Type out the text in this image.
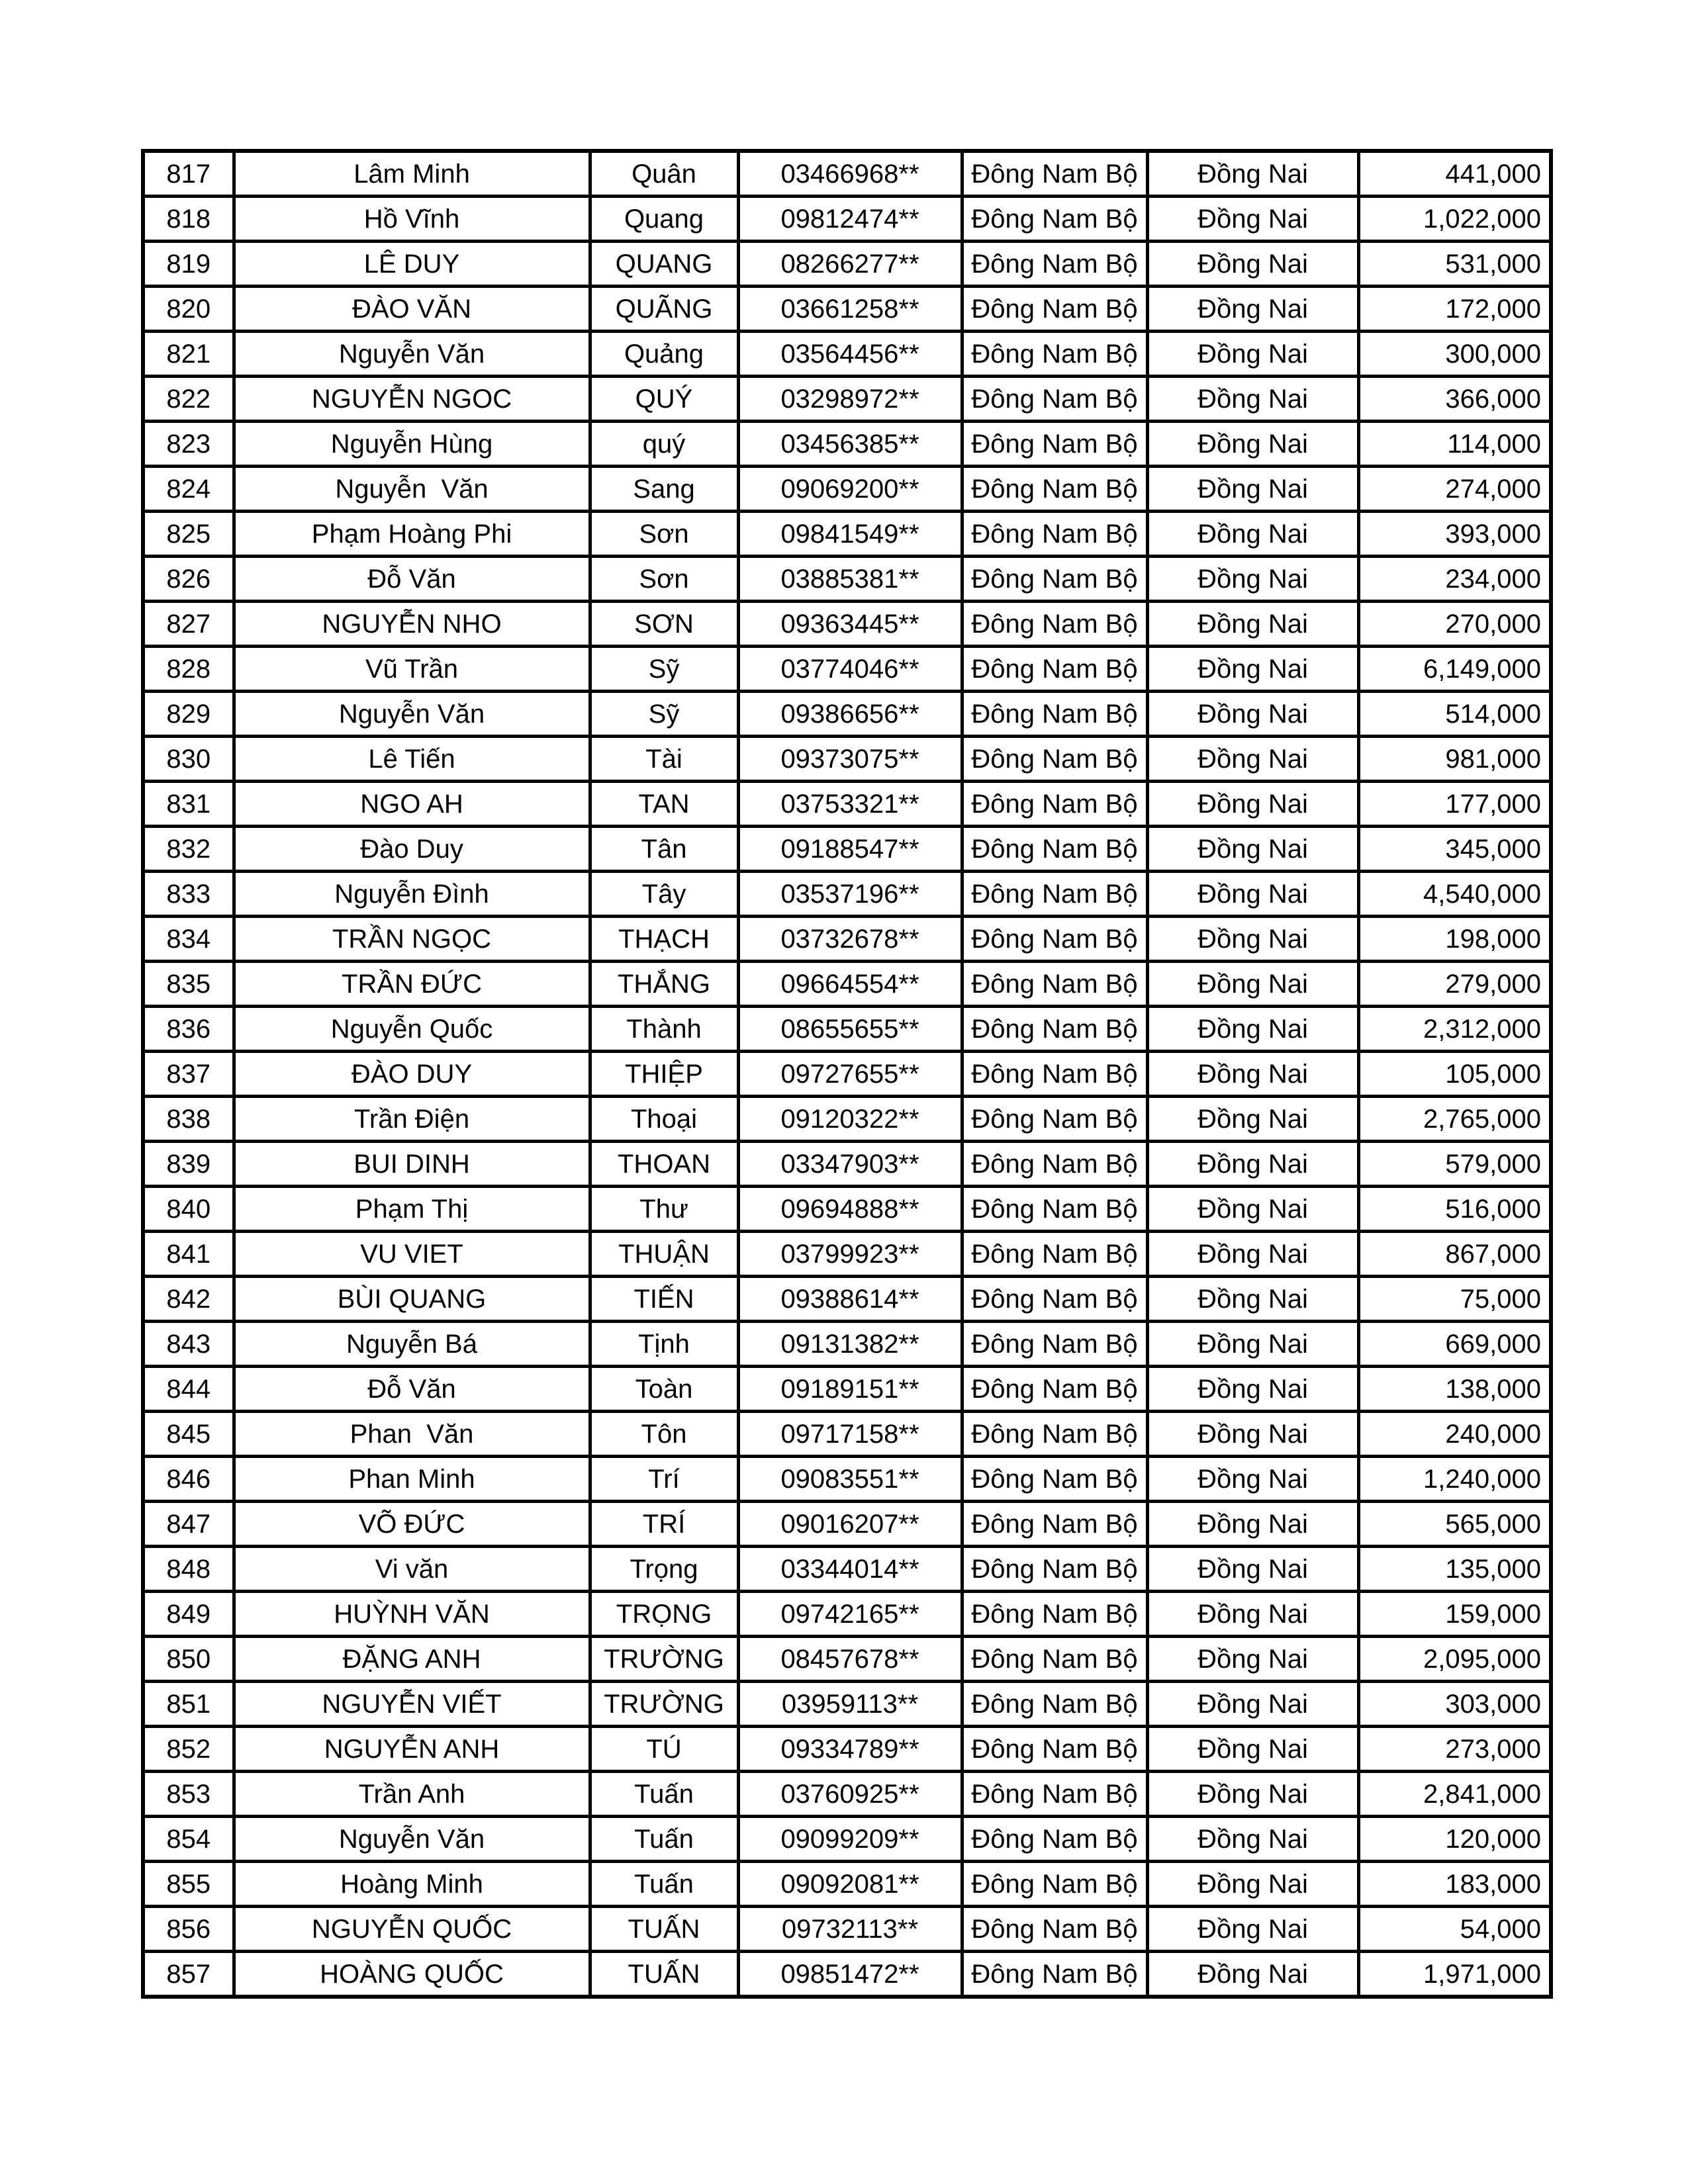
817	Lâm Minh	Quân	03466968**	Đông Nam Bộ	Đồng Nai	441,000
818	Hồ Vĩnh	Quang	09812474**	Đông Nam Bộ	Đồng Nai	1,022,000
819	LÊ DUY	QUANG	08266277**	Đông Nam Bộ	Đồng Nai	531,000
820	ĐÀO VĂN	QUÃNG	03661258**	Đông Nam Bộ	Đồng Nai	172,000
821	Nguyễn Văn	Quảng	03564456**	Đông Nam Bộ	Đồng Nai	300,000
822	NGUYỄN NGOC	QUÝ	03298972**	Đông Nam Bộ	Đồng Nai	366,000
823	Nguyễn Hùng	quý	03456385**	Đông Nam Bộ	Đồng Nai	114,000
824	Nguyễn  Văn	Sang	09069200**	Đông Nam Bộ	Đồng Nai	274,000
825	Phạm Hoàng Phi	Sơn	09841549**	Đông Nam Bộ	Đồng Nai	393,000
826	Đỗ Văn	Sơn	03885381**	Đông Nam Bộ	Đồng Nai	234,000
827	NGUYỄN NHO	SƠN	09363445**	Đông Nam Bộ	Đồng Nai	270,000
828	Vũ Trần	Sỹ	03774046**	Đông Nam Bộ	Đồng Nai	6,149,000
829	Nguyễn Văn	Sỹ	09386656**	Đông Nam Bộ	Đồng Nai	514,000
830	Lê Tiến	Tài	09373075**	Đông Nam Bộ	Đồng Nai	981,000
831	NGO AH	TAN	03753321**	Đông Nam Bộ	Đồng Nai	177,000
832	Đào Duy	Tân	09188547**	Đông Nam Bộ	Đồng Nai	345,000
833	Nguyễn Đình	Tây	03537196**	Đông Nam Bộ	Đồng Nai	4,540,000
834	TRẦN NGỌC	THẠCH	03732678**	Đông Nam Bộ	Đồng Nai	198,000
835	TRẦN ĐỨC	THẮNG	09664554**	Đông Nam Bộ	Đồng Nai	279,000
836	Nguyễn Quốc	Thành	08655655**	Đông Nam Bộ	Đồng Nai	2,312,000
837	ĐÀO DUY	THIỆP	09727655**	Đông Nam Bộ	Đồng Nai	105,000
838	Trần Điện	Thoại	09120322**	Đông Nam Bộ	Đồng Nai	2,765,000
839	BUI DINH	THOAN	03347903**	Đông Nam Bộ	Đồng Nai	579,000
840	Phạm Thị	Thư	09694888**	Đông Nam Bộ	Đồng Nai	516,000
841	VU VIET	THUẬN	03799923**	Đông Nam Bộ	Đồng Nai	867,000
842	BÙI QUANG	TIẾN	09388614**	Đông Nam Bộ	Đồng Nai	75,000
843	Nguyễn Bá	Tịnh	09131382**	Đông Nam Bộ	Đồng Nai	669,000
844	Đỗ Văn	Toàn	09189151**	Đông Nam Bộ	Đồng Nai	138,000
845	Phan  Văn	Tôn	09717158**	Đông Nam Bộ	Đồng Nai	240,000
846	Phan Minh	Trí	09083551**	Đông Nam Bộ	Đồng Nai	1,240,000
847	VÕ ĐỨC	TRÍ	09016207**	Đông Nam Bộ	Đồng Nai	565,000
848	Vi văn	Trọng	03344014**	Đông Nam Bộ	Đồng Nai	135,000
849	HUỲNH VĂN	TRỌNG	09742165**	Đông Nam Bộ	Đồng Nai	159,000
850	ĐẶNG ANH	TRƯỜNG	08457678**	Đông Nam Bộ	Đồng Nai	2,095,000
851	NGUYỄN VIẾT	TRƯỜNG	03959113**	Đông Nam Bộ	Đồng Nai	303,000
852	NGUYỄN ANH	TÚ	09334789**	Đông Nam Bộ	Đồng Nai	273,000
853	Trần Anh	Tuấn	03760925**	Đông Nam Bộ	Đồng Nai	2,841,000
854	Nguyễn Văn	Tuấn	09099209**	Đông Nam Bộ	Đồng Nai	120,000
855	Hoàng Minh	Tuấn	09092081**	Đông Nam Bộ	Đồng Nai	183,000
856	NGUYỄN QUỐC	TUẤN	09732113**	Đông Nam Bộ	Đồng Nai	54,000
857	HOÀNG QUỐC	TUẤN	09851472**	Đông Nam Bộ	Đồng Nai	1,971,000
